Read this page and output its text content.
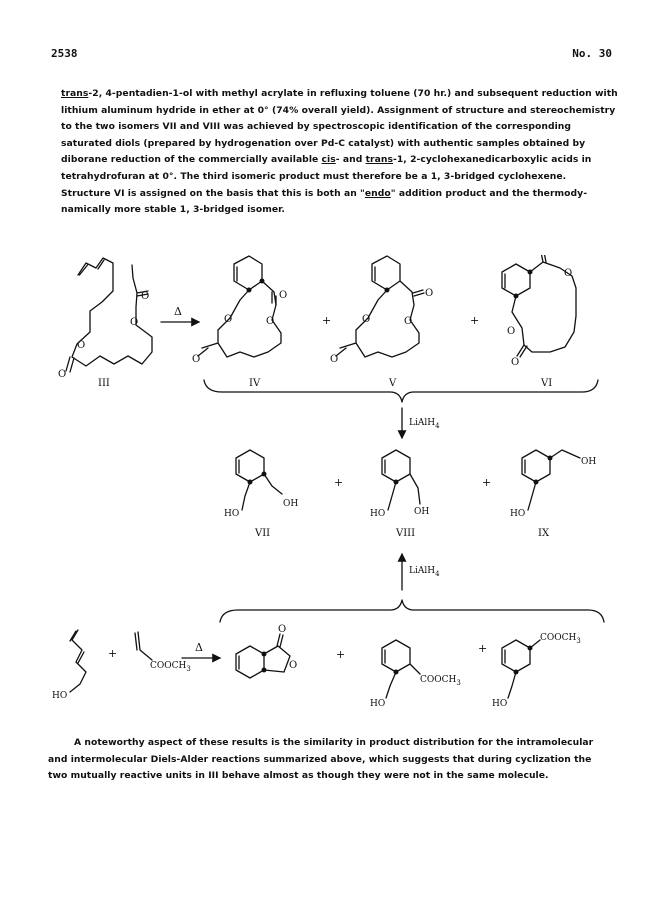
2538	No. 30

trans-2, 4-pentadien-1-ol with methyl acrylate in refluxing toluene (70 hr.) and subsequent reduction with

lithium aluminum hydride in ether at 0° (74% overall yield). Assignment of structure and stereochemistry

to the two isomers VII and VIII was achieved by spectroscopic identification of the corresponding

saturated diols (prepared by hydrogenation over Pd-C catalyst) with authentic samples obtained by

diborane reduction of the commercially available cis- and trans-1, 2-cyclohexanedicarboxylic acids in

tetrahydrofuran at 0°. The third isomeric product must therefore be a 1, 3-bridged cyclohexene.

Structure VI is assigned on the basis that this is both an "endo" addition product and the thermody-

namically more stable 1, 3-bridged isomer.

O
O
O
O
III
Δ
O
O
O
O
IV
+
O
O
O
O
V
+
O
O
O
VI
LiAlH$_4$
HO
OH
VII
+
HO	OH
VIII
+
OH
HO
IX
LiAlH$_4$
HO
+
$COOCH_3$
Δ
O
O
+
$COOCH_3$
HO
+
$COOCH_3$
HO

A noteworthy aspect of these results is the similarity in product distribution for the intramolecular

and intermolecular Diels-Alder reactions summarized above, which suggests that during cyclization the

two mutually reactive units in III behave almost as though they were not in the same molecule.
